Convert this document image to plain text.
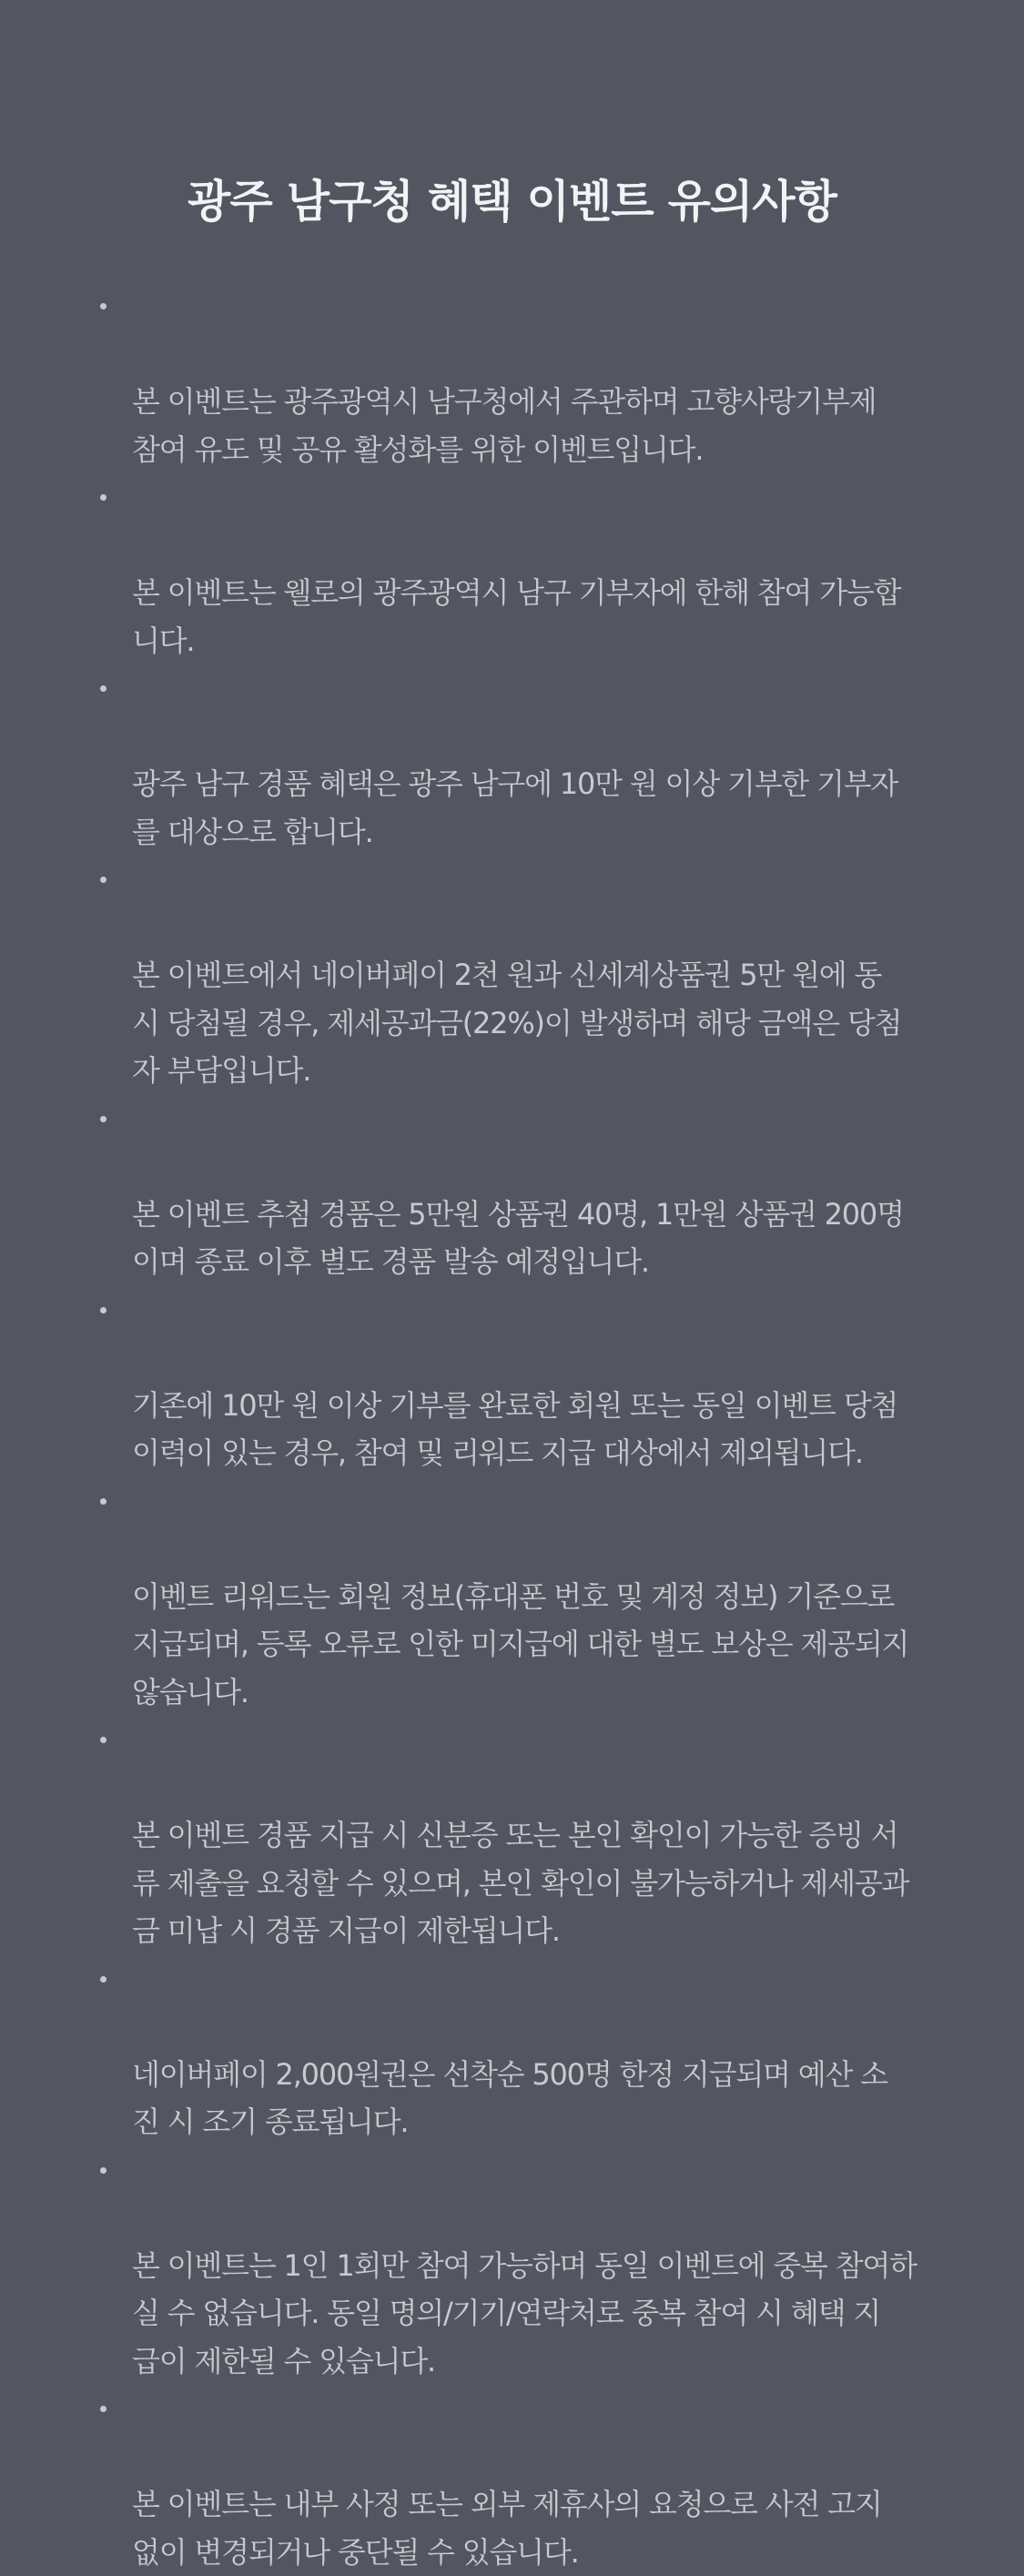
광주 남구청 혜택 이벤트 유의사항

본 이벤트는 광주광역시 남구청에서 주관하며 고향사랑기부제
참여 유도 및 공유 활성화를 위한 이벤트입니다.

본 이벤트는 웰로의 광주광역시 남구 기부자에 한해 참여 가능합
니다.

광주 남구 경품 혜택은 광주 남구에 10만 원 이상 기부한 기부자
를 대상으로 합니다.

본 이벤트에서 네이버페이 2천 원과 신세계상품권 5만 원에 동
시 당첨될 경우, 제세공과금(22%)이 발생하며 해당 금액은 당첨
자 부담입니다.

본 이벤트 추첨 경품은 5만원 상품권 40명, 1만원 상품권 200명
이며 종료 이후 별도 경품 발송 예정입니다.

기존에 10만 원 이상 기부를 완료한 회원 또는 동일 이벤트 당첨
이력이 있는 경우, 참여 및 리워드 지급 대상에서 제외됩니다.

이벤트 리워드는 회원 정보(휴대폰 번호 및 계정 정보) 기준으로
지급되며, 등록 오류로 인한 미지급에 대한 별도 보상은 제공되지
않습니다.

본 이벤트 경품 지급 시 신분증 또는 본인 확인이 가능한 증빙 서
류 제출을 요청할 수 있으며, 본인 확인이 불가능하거나 제세공과
금 미납 시 경품 지급이 제한됩니다.

네이버페이 2,000원권은 선착순 500명 한정 지급되며 예산 소
진 시 조기 종료됩니다.

본 이벤트는 1인 1회만 참여 가능하며 동일 이벤트에 중복 참여하
실 수 없습니다. 동일 명의/기기/연락처로 중복 참여 시 혜택 지
급이 제한될 수 있습니다.

본 이벤트는 내부 사정 또는 외부 제휴사의 요청으로 사전 고지
없이 변경되거나 중단될 수 있습니다.
